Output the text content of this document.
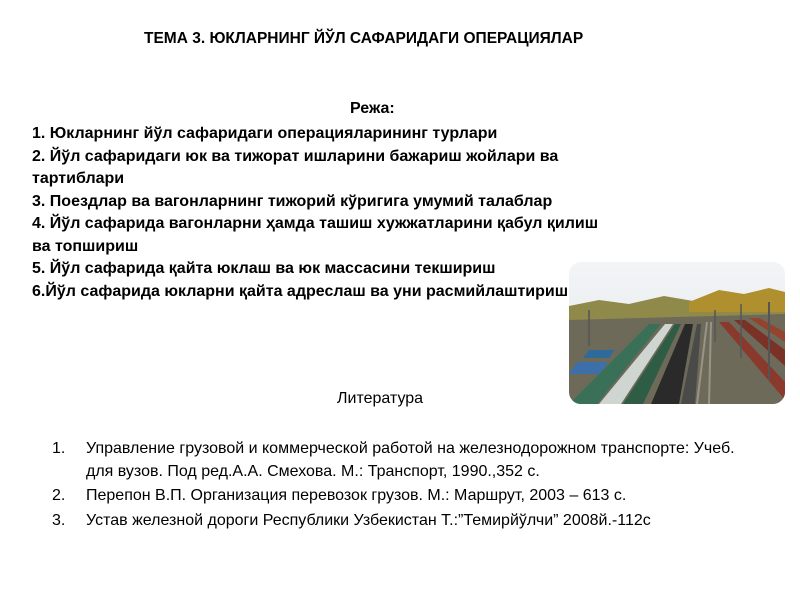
ТЕМА 3. ЮКЛАРНИНГ ЙЎЛ САФАРИДАГИ ОПЕРАЦИЯЛАР
Режа:
1. Юкларнинг йўл сафаридаги операцияларининг турлари
2. Йўл сафаридаги юк ва тижорат ишларини бажариш жойлари ва тартиблари
3. Поездлар ва вагонларнинг тижорий кўригига умумий талаблар
4. Йўл сафарида вагонларни ҳамда ташиш хужжатларини қабул қилиш ва топшириш
5. Йўл сафарида қайта юклаш ва юк массасини текшириш
6.Йўл сафарида юкларни қайта адреслаш ва уни расмийлаштириш
Литература
1. Управление грузовой и коммерческой работой на железнодорожном транспорте: Учеб. для вузов. Под ред.А.А. Смехова. М.: Транспорт, 1990.,352 с.
2. Перепон В.П. Организация перевозок грузов. М.: Маршрут, 2003 – 613 с.
3. Устав железной дороги Республики Узбекистан Т.:”Темирйўлчи” 2008й.-112с
